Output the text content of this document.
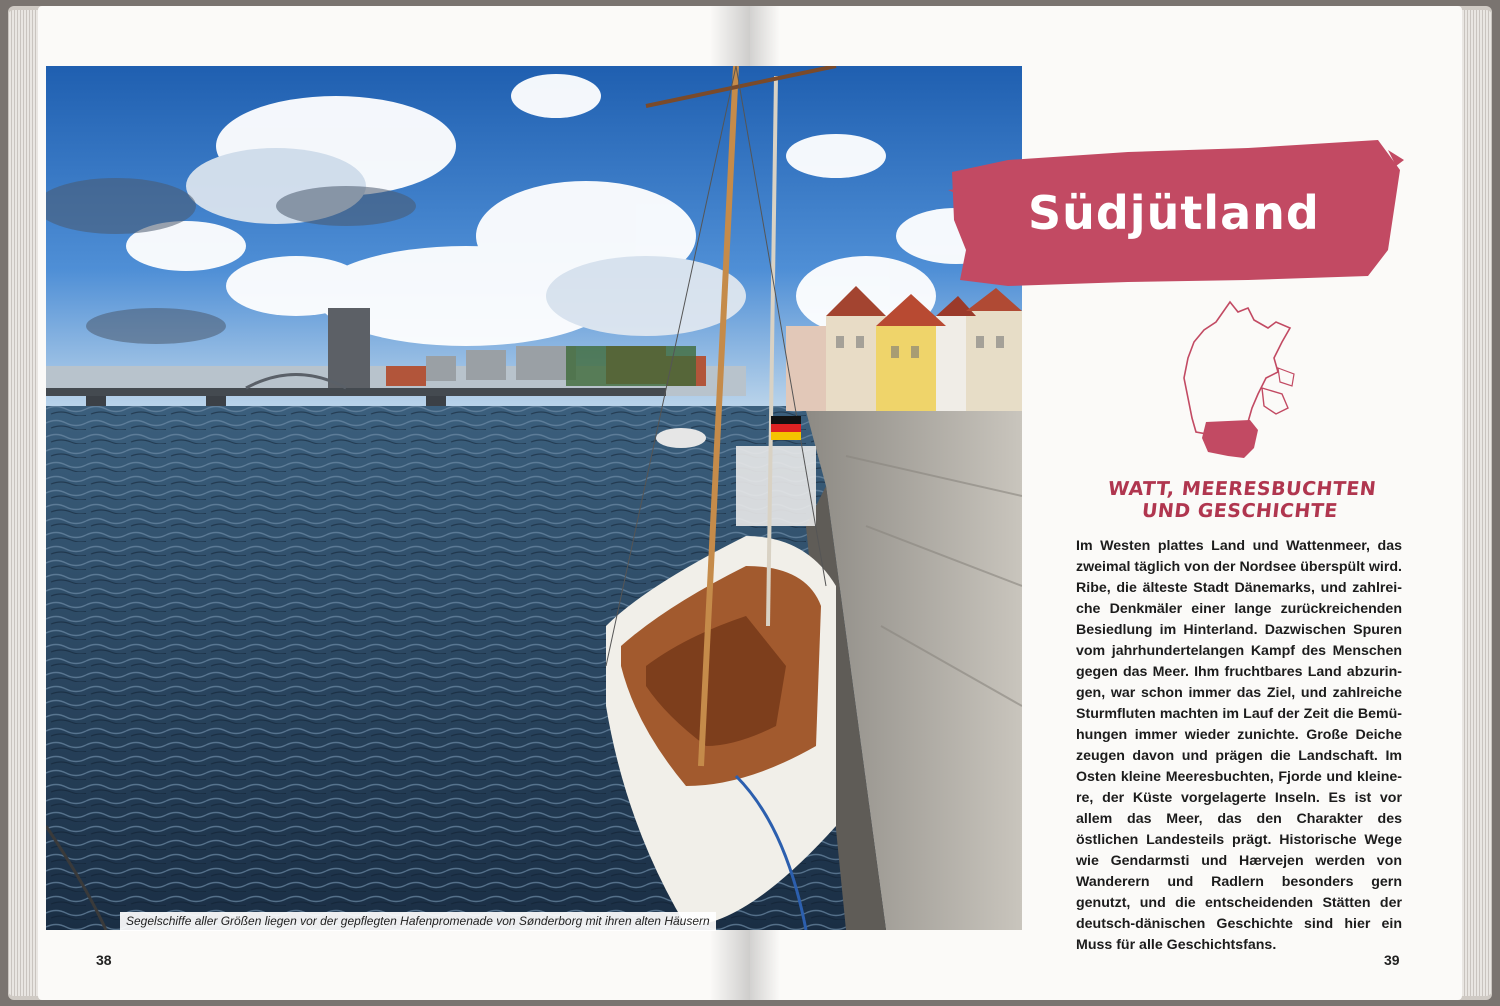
Segelschiffe aller Größen liegen vor der gepflegten Hafenpromenade von Sønderborg mit ihren alten Häusern
38	39
Südjütland
WATT, MEERESBUCHTEN
UND GESCHICHTE
Im Westen plattes Land und Wattenmeer, das zweimal täglich von der Nordsee überspült wird. Ribe, die älteste Stadt Dänemarks, und zahlreiche Denkmäler einer lange zurückreichenden Besiedlung im Hinterland. Dazwischen Spuren vom jahrhundertelangen Kampf des Menschen gegen das Meer. Ihm fruchtbares Land abzuringen, war schon immer das Ziel, und zahlreiche Sturmfluten machten im Lauf der Zeit die Bemühungen immer wieder zunichte. Große Deiche zeugen davon und prägen die Landschaft. Im Osten kleine Meeresbuchten, Fjorde und kleinere, der Küste vorgelagerte Inseln. Es ist vor allem das Meer, das den Charakter des östlichen Landesteils prägt. Historische Wege wie Gendarmsti und Hærvejen werden von Wanderern und Radlern besonders gern genutzt, und die entscheidenden Stätten der deutsch-dänischen Geschichte sind hier ein Muss für alle Geschichtsfans.
